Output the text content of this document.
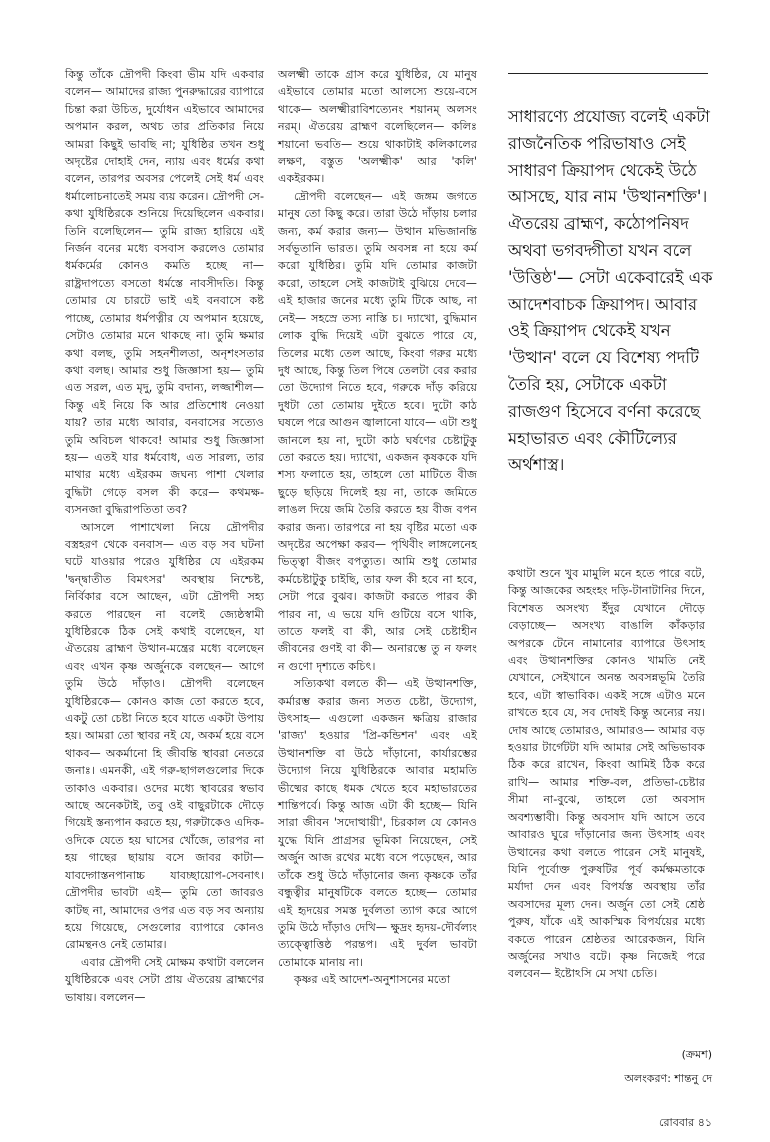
কিন্তু তাঁকে দ্রৌপদী কিংবা ভীম যদি একবার বলেন— আমাদের রাজ্য পুনরুদ্ধারের ব্যাপারে চিন্তা করা উচিত, দুর্যোধন এইভাবে আমাদের অপমান করল, অথচ তার প্রতিকার নিয়ে আমরা কিছুই ভাবছি না; যুধিষ্ঠির তখন শুধু অদৃষ্টের দোহাই দেন, ন্যায় এবং ধর্মের কথা বলেন, তারপর অবসর পেলেই সেই ধর্ম এবং ধর্মালোচনাতেই সময় ব্যয় করেন। দ্রৌপদী সে-কথা যুধিষ্ঠিরকে শুনিয়ে দিয়েছিলেন একবার। তিনি বলেছিলেন— তুমি রাজ্য হারিয়ে এই নির্জন বনের মধ্যে বসবাস করলেও তোমার ধর্মকর্মের কোনও কমতি হচ্ছে না— রাষ্ট্রদাপত্যে বসতো ধর্মস্তে নাবসীদতি। কিন্তু তোমার যে চারটে ভাই এই বনবাসে কষ্ট পাচ্ছে, তোমার ধর্মপত্নীর যে অপমান হয়েছে, সেটাও তোমার মনে থাকছে না। তুমি ক্ষমার কথা বলছ, তুমি সহনশীলতা, অনৃশংসতার কথা বলছ। আমার শুধু জিজ্ঞাসা হয়— তুমি এত সরল, এত মৃদু, তুমি বদান্য, লজ্জাশীল— কিন্তু এই নিয়ে কি আর প্রতিশোধ নেওয়া যায়? তার মধ্যে আবার, বনবাসের সত্যেও তুমি অবিচল থাকবে! আমার শুধু জিজ্ঞাসা হয়— এতই যার ধর্মবোধ, এত সারল্য, তার মাথার মধ্যে এইরকম জঘন্য পাশা খেলার বুদ্ধিটা গেড়ে বসল কী করে— কথমক্ষ-ব্যসনজা বুদ্ধিরাপতিতা তব?

আসলে পাশাখেলা নিয়ে দ্রৌপদীর বস্ত্রহরণ থেকে বনবাস— এত বড় সব ঘটনা ঘটে যাওয়ার পরেও যুধিষ্ঠির যে এইরকম 'দ্বন্দ্বাতীত বিমৎসর' অবস্থায় নিশ্চেষ্ট, নির্বিকার বসে আছেন, এটা দ্রৌপদী সহ্য করতে পারছেন না বলেই জ্যেষ্ঠস্বামী যুধিষ্ঠিরকে ঠিক সেই কথাই বলেছেন, যা ঐতরেয় ব্রাহ্মণ উত্থান-মন্ত্রের মধ্যে বলেছেন এবং এখন কৃষ্ণ অর্জুনকে বলছেন— আগে তুমি উঠে দাঁড়াও। দ্রৌপদী বলেছেন যুধিষ্ঠিরকে— কোনও কাজ তো করতে হবে, একটু তো চেষ্টা নিতে হবে যাতে একটা উপায় হয়। আমরা তো স্থাবর নই যে, অকর্ম হয়ে বসে থাকব— অকর্মানো হি জীবন্তি স্থাবরা নেতরে জনাঃ। এমনকী, এই গরু-ছাগলগুলোর দিকে তাকাও একবার। ওদের মধ্যে স্থাবরের স্বভাব আছে অনেকটাই, তবু ওই বাছুরটাকে দৌড়ে গিয়েই স্তন্যপান করতে হয়, গরুটাকেও এদিক-ওদিকে যেতে হয় ঘাসের খোঁজে, তারপর না হয় গাছের ছায়ায় বসে জাবর কাটা— যাবদ্গোস্তনপানাচ্চ যাবচ্ছায়োপ-সেবনাৎ। দ্রৌপদীর ভাবটা এই— তুমি তো জাবরও কাটছ না, আমাদের ওপর এত বড় সব অন্যায় হয়ে গিয়েছে, সেগুলোর ব্যাপারে কোনও রোমন্থনও নেই তোমার।

এবার দ্রৌপদী সেই মোক্ষম কথাটা বললেন যুধিষ্ঠিরকে এবং সেটা প্রায় ঐতরেয় ব্রাহ্মণের ভাষায়। বললেন—

অলক্ষ্মী তাকে গ্রাস করে যুধিষ্ঠির, যে মানুষ এইভাবে তোমার মতো আলস্যে শুয়ে-বসে থাকে— অলক্ষ্মীরাবিশত্যেনং শয়ানম্ অলসং নরম্। ঐতরেয় ব্রাহ্মণ বলেছিলেন— কলিঃ শয়ানো ভবতি— শুয়ে থাকাটাই কলিকালের লক্ষণ, বস্তুত 'অলক্ষ্মীক' আর 'কলি' একইরকম।

দ্রৌপদী বলেছেন— এই জঙ্গম জগতে মানুষ তো কিছু করে। তারা উঠে দাঁড়ায় চলার জন্য, কর্ম করার জন্য— উত্থান মভিজানন্তি সর্বভূতানি ভারত। তুমি অবসন্ন না হয়ে কর্ম করো যুধিষ্ঠির। তুমি যদি তোমার কাজটা করো, তাহলে সেই কাজটাই বুঝিয়ে দেবে— এই হাজার জনের মধ্যে তুমি টিকে আছ, না নেই— সহস্রে তস্য নাস্তি চ। দ্যাখো, বুদ্ধিমান লোক বুদ্ধি দিয়েই এটা বুঝতে পারে যে, তিলের মধ্যে তেল আছে, কিংবা গরুর মধ্যে দুধ আছে, কিন্তু তিল পিষে তেলটা বের করার তো উদ্যোগ নিতে হবে, গরুকে দাঁড় করিয়ে দুধটা তো তোমায় দুইতে হবে। দুটো কাঠ ঘষলে পরে আগুন জ্বালানো যাবে— এটা শুধু জানলে হয় না, দুটো কাঠ ঘর্ষণের চেষ্টাটুকু তো করতে হয়। দ্যাখো, একজন কৃষককে যদি শস্য ফলাতে হয়, তাহলে তো মাটিতে বীজ ছুড়ে ছড়িয়ে দিলেই হয় না, তাকে জমিতে লাঙল দিয়ে জমি তৈরি করতে হয় বীজ বপন করার জন্য। তারপরে না হয় বৃষ্টির মতো এক অদৃষ্টের অপেক্ষা করব— পৃথিবীং লাঙ্গলেনেহ ভিত্ত্বা বীজং বপত্যুত। আমি শুধু তোমার কর্মচেষ্টাটুকু চাইছি, তার ফল কী হবে না হবে, সেটা পরে বুঝব। কাজটা করতে পারব কী পারব না, এ ভয়ে যদি গুটিয়ে বসে থাকি, তাতে ফলই বা কী, আর সেই চেষ্টাহীন জীবনের গুণই বা কী— অনারম্ভে তু ন ফলং ন গুণো দৃশ্যতে কচিৎ।

সত্যিকথা বলতে কী— এই উত্থানশক্তি, কর্মারম্ভ করার জন্য সতত চেষ্টা, উদ্যোগ, উৎসাহ— এগুলো একজন ক্ষত্রিয় রাজার 'রাজ্য' হওয়ার 'প্রি-কন্ডিশন' এবং এই উত্থানশক্তি বা উঠে দাঁড়ানো, কার্যারম্ভের উদ্যোগ নিয়ে যুধিষ্ঠিরকে আবার মহামতি ভীষ্মের কাছে ধমক খেতে হবে মহাভারতের শান্তিপর্বে। কিন্তু আজ এটা কী হচ্ছে— যিনি সারা জীবন 'সদোত্থায়ী', চিরকাল যে কোনও যুদ্ধে যিনি প্রাগ্রসর ভূমিকা নিয়েছেন, সেই অর্জুন আজ রথের মধ্যে বসে পড়েছেন, আর তাঁকে শুধু উঠে দাঁড়ানোর জন্য কৃষ্ণকে তাঁর বন্ধুত্বীর মানুষটিকে বলতে হচ্ছে— তোমার এই হৃদয়ের সমস্ত দুর্বলতা ত্যাগ করে আগে তুমি উঠে দাঁড়াও দেখি— ক্ষুদ্রং হৃদয়-দৌর্বল্যং ত্যক্ত্বোত্তিষ্ঠ পরন্তপ। এই দুর্বল ভাবটা তোমাকে মানায় না।

কৃষ্ণর এই আদেশ-অনুশাসনের মতো

সাধারণ্যে প্রযোজ্য বলেই একটা রাজনৈতিক পরিভাষাও সেই সাধারণ ক্রিয়াপদ থেকেই উঠে আসছে, যার নাম 'উত্থানশক্তি'। ঐতরেয় ব্রাহ্মণ, কঠোপনিষদ অথবা ভগবদ্গীতা যখন বলে 'উত্তিষ্ঠ'— সেটা একেবারেই এক আদেশবাচক ক্রিয়াপদ। আবার ওই ক্রিয়াপদ থেকেই যখন 'উত্থান' বলে যে বিশেষ্য পদটি তৈরি হয়, সেটাকে একটা রাজগুণ হিসেবে বর্ণনা করেছে মহাভারত এবং কৌটিল্যের অর্থশাস্ত্র।

কথাটা শুনে খুব মামুলি মনে হতে পারে বটে, কিন্তু আজকের অহংহং দড়ি-টানাটানির দিনে, বিশেষত অসংখ্য ইঁদুর যেখানে দৌড়ে বেড়াচ্ছে— অসংখ্য বাঙালি কাঁকড়ার অপরকে টেনে নামানোর ব্যাপারে উৎসাহ এবং উত্থানশক্তির কোনও খামতি নেই যেখানে, সেইখানে অনন্ত অবসন্নভূমি তৈরি হবে, এটা স্বাভাবিক। একই সঙ্গে এটাও মনে রাখতে হবে যে, সব দোষই কিন্তু অন্যের নয়। দোষ আছে তোমারও, আমারও— আমার বড় হওয়ার টার্গেটটা যদি আমার সেই অভিভাবক ঠিক করে রাখেন, কিংবা আমিই ঠিক করে রাখি— আমার শক্তি-বল, প্রতিভা-চেষ্টার সীমা না-বুঝে, তাহলে তো অবসাদ অবশ্যম্ভাবী। কিন্তু অবসাদ যদি আসে তবে আবারও ঘুরে দাঁড়ানোর জন্য উৎসাহ এবং উত্থানের কথা বলতে পারেন সেই মানুষই, যিনি পূর্বোক্ত পুরুষটির পূর্ব কর্মক্ষমতাকে মর্যাদা দেন এবং বিপর্যস্ত অবস্থায় তাঁর অবসাদের মূল্য দেন। অর্জুন তো সেই শ্রেষ্ঠ পুরুষ, যাঁকে এই আকস্মিক বিপর্যয়ের মধ্যে বকতে পারেন শ্রেষ্ঠতর আরেকজন, যিনি অর্জুনের সখাও বটে। কৃষ্ণ নিজেই পরে বলবেন— ইষ্টোঽসি মে সখা চেতি।

(ক্রমশ)

অলংকরণ: শান্তনু দে

রোববার ৪১
